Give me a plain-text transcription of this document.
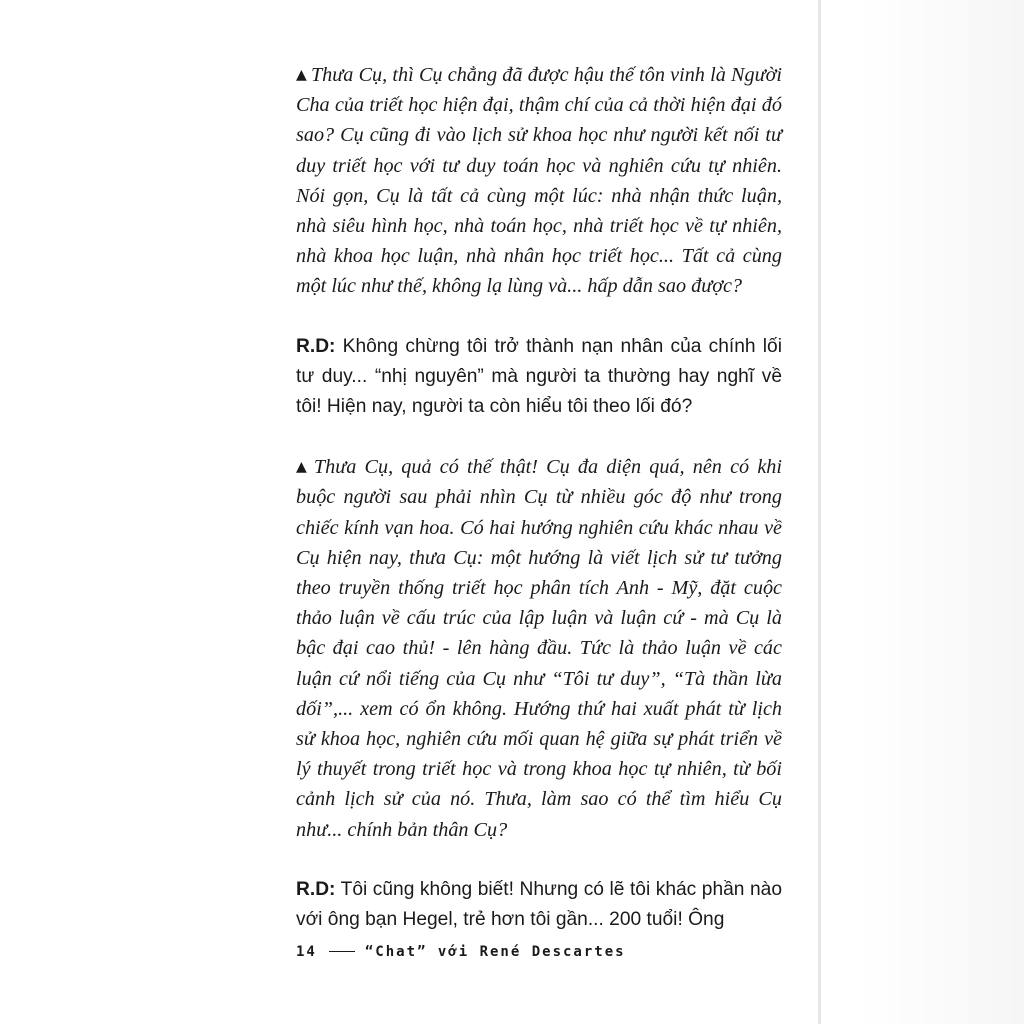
▲ Thưa Cụ, thì Cụ chẳng đã được hậu thế tôn vinh là Người Cha của triết học hiện đại, thậm chí của cả thời hiện đại đó sao? Cụ cũng đi vào lịch sử khoa học như người kết nối tư duy triết học với tư duy toán học và nghiên cứu tự nhiên. Nói gọn, Cụ là tất cả cùng một lúc: nhà nhận thức luận, nhà siêu hình học, nhà toán học, nhà triết học về tự nhiên, nhà khoa học luận, nhà nhân học triết học... Tất cả cùng một lúc như thế, không lạ lùng và... hấp dẫn sao được?

R.D: Không chừng tôi trở thành nạn nhân của chính lối tư duy... “nhị nguyên” mà người ta thường hay nghĩ về tôi! Hiện nay, người ta còn hiểu tôi theo lối đó?

▲ Thưa Cụ, quả có thế thật! Cụ đa diện quá, nên có khi buộc người sau phải nhìn Cụ từ nhiều góc độ như trong chiếc kính vạn hoa. Có hai hướng nghiên cứu khác nhau về Cụ hiện nay, thưa Cụ: một hướng là viết lịch sử tư tưởng theo truyền thống triết học phân tích Anh - Mỹ, đặt cuộc thảo luận về cấu trúc của lập luận và luận cứ - mà Cụ là bậc đại cao thủ! - lên hàng đầu. Tức là thảo luận về các luận cứ nổi tiếng của Cụ như “Tôi tư duy”, “Tà thần lừa dối”,... xem có ổn không. Hướng thứ hai xuất phát từ lịch sử khoa học, nghiên cứu mối quan hệ giữa sự phát triển về lý thuyết trong triết học và trong khoa học tự nhiên, từ bối cảnh lịch sử của nó. Thưa, làm sao có thể tìm hiểu Cụ như... chính bản thân Cụ?

R.D: Tôi cũng không biết! Nhưng có lẽ tôi khác phần nào với ông bạn Hegel, trẻ hơn tôi gần... 200 tuổi! Ông

14	“Chat” với René Descartes
